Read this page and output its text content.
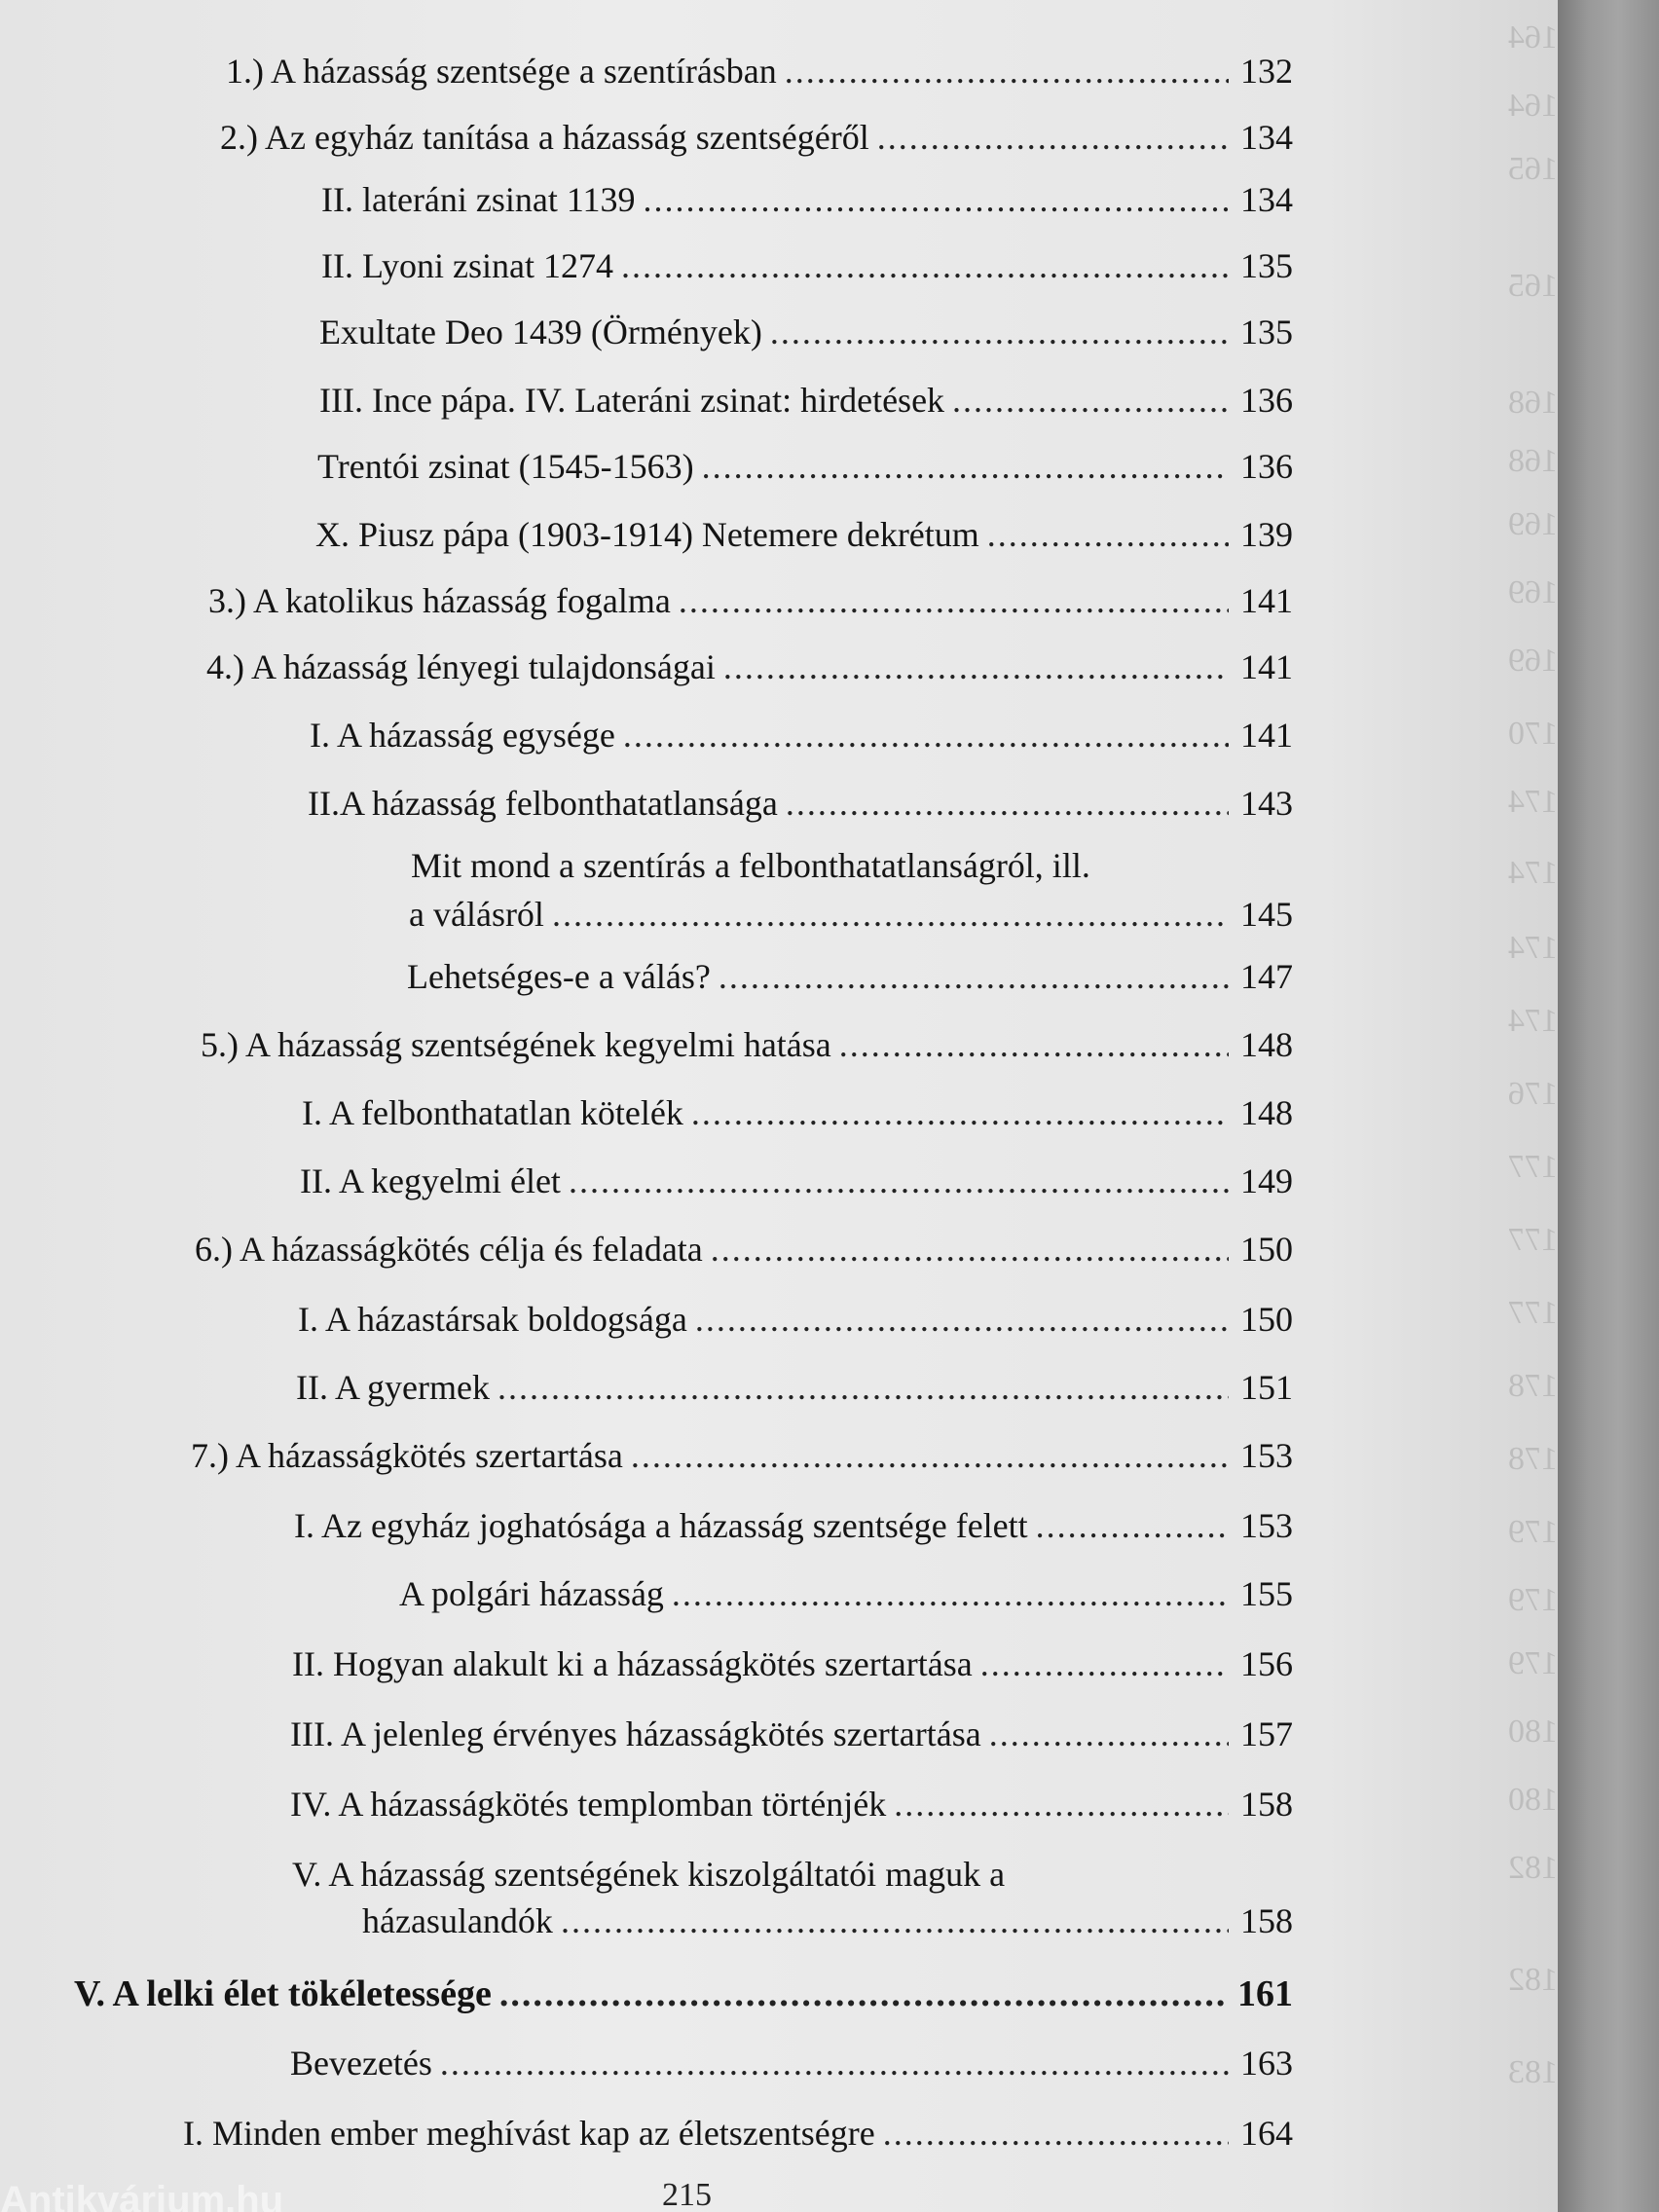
164
164
165
165
168
168
169
169
169
170
174
174
174
174
176
177
177
177
178
178
179
179
179
180
180
182
182
183
1.) A házasság szentsége a szentírásban .....	132
2.) Az egyház tanítása a házasság szentségéről .....	134
II. lateráni zsinat 1139 .....	134
II. Lyoni zsinat 1274 .....	135
Exultate Deo 1439 (Örmények) .....	135
III. Ince pápa. IV. Lateráni zsinat: hirdetések .....	136
Trentói zsinat (1545-1563) .....	136
X. Piusz pápa (1903-1914) Netemere dekrétum .....	139
3.) A katolikus házasság fogalma .....	141
4.) A házasság lényegi tulajdonságai .....	141
I. A házasság egysége .....	141
II.A házasság felbonthatatlansága .....	143
Mit mond a szentírás a felbonthatatlanságról, ill.
a válásról .....	145
Lehetséges-e a válás? .....	147
5.) A házasság szentségének kegyelmi hatása .....	148
I. A felbonthatatlan kötelék .....	148
II. A kegyelmi élet .....	149
6.) A házasságkötés célja és feladata .....	150
I. A házastársak boldogsága .....	150
II. A gyermek .....	151
7.) A házasságkötés szertartása .....	153
I. Az egyház joghatósága a házasság szentsége felett .....	153
A polgári házasság .....	155
II. Hogyan alakult ki a házasságkötés szertartása .....	156
III. A jelenleg érvényes házasságkötés szertartása .....	157
IV. A házasságkötés templomban történjék .....	158
V. A házasság szentségének kiszolgáltatói maguk a
házasulandók .....	158
V. A lelki élet tökéletessége .....	161
Bevezetés .....	163
I. Minden ember meghívást kap az életszentségre .....	164
215
Antikvárium.hu
